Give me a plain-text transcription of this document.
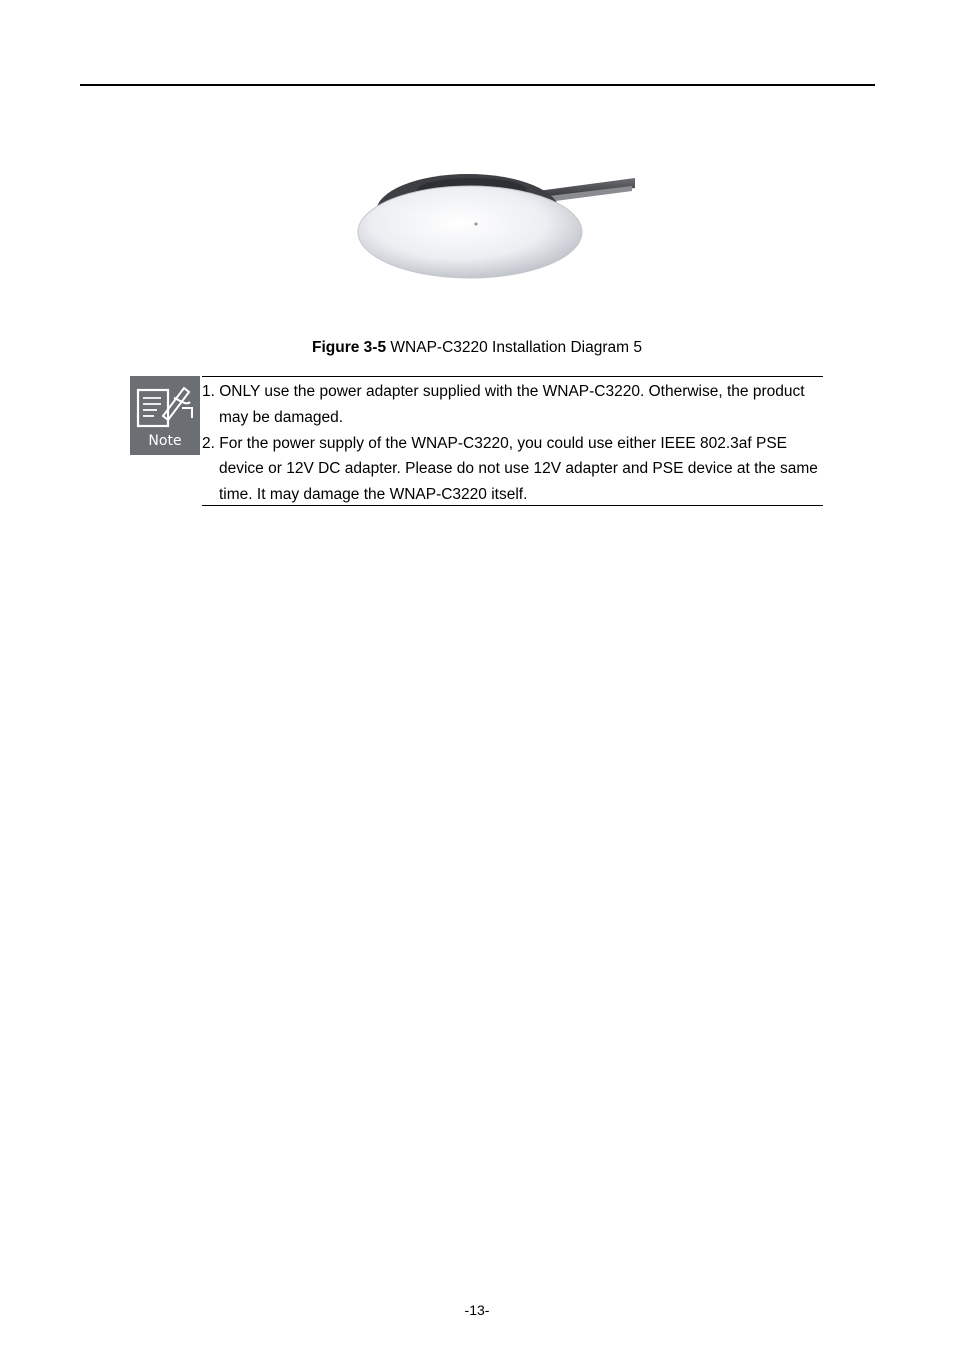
Figure 3-5 WNAP-C3220 Installation Diagram 5
Note
1. ONLY use the power adapter supplied with the WNAP-C3220. Otherwise, the product may be damaged.
2. For the power supply of the WNAP-C3220, you could use either IEEE 802.3af PSE device or 12V DC adapter. Please do not use 12V adapter and PSE device at the same time. It may damage the WNAP-C3220 itself.
-13-
